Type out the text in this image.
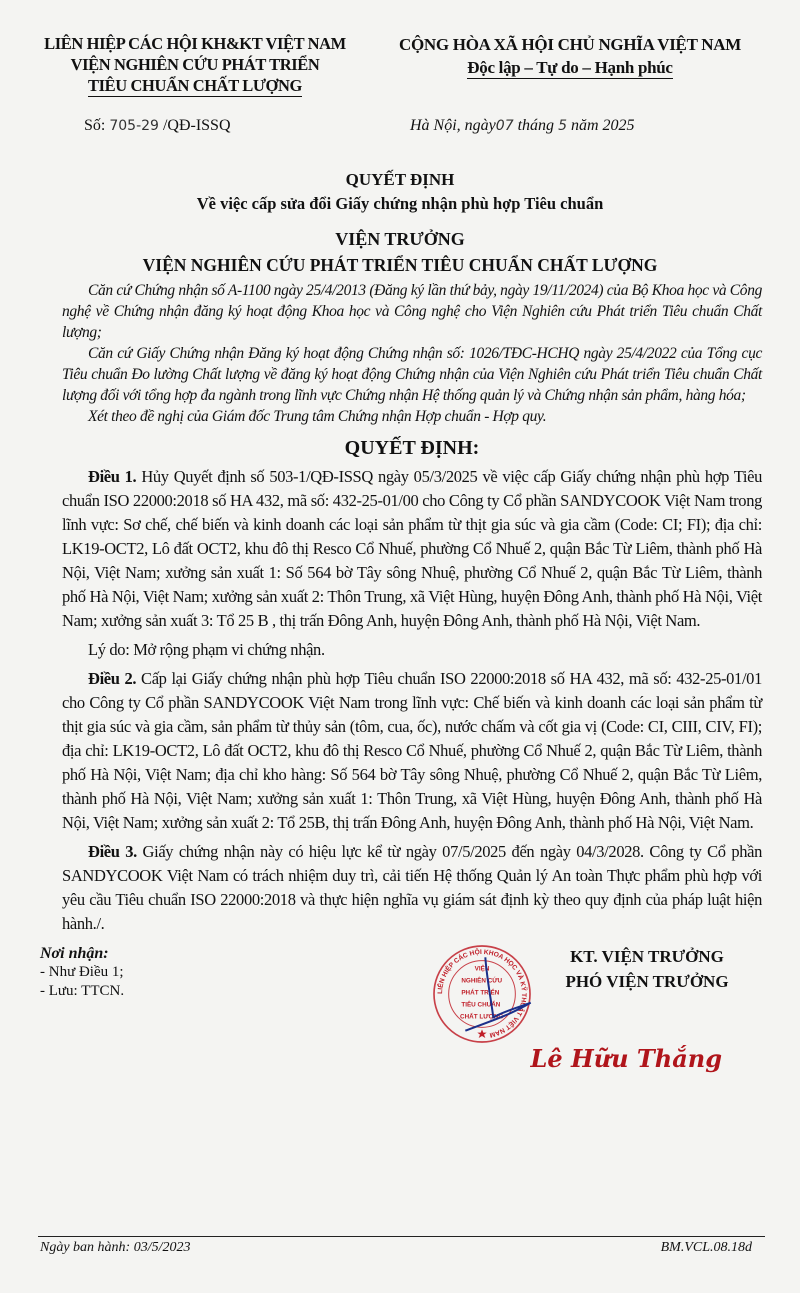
LIÊN HIỆP CÁC HỘI KH&KT VIỆT NAM
VIỆN NGHIÊN CỨU PHÁT TRIỂN
TIÊU CHUẨN CHẤT LƯỢNG
CỘNG HÒA XÃ HỘI CHỦ NGHĨA VIỆT NAM
Độc lập – Tự do – Hạnh phúc
Số: 705-29 /QĐ-ISSQ	Hà Nội, ngày07 tháng 5 năm 2025
QUYẾT ĐỊNH
Về việc cấp sửa đổi Giấy chứng nhận phù hợp Tiêu chuẩn
VIỆN TRƯỞNG
VIỆN NGHIÊN CỨU PHÁT TRIỂN TIÊU CHUẨN CHẤT LƯỢNG

Căn cứ Chứng nhận số A-1100 ngày 25/4/2013 (Đăng ký lần thứ bảy, ngày 19/11/2024) của Bộ Khoa học và Công nghệ về Chứng nhận đăng ký hoạt động Khoa học và Công nghệ cho Viện Nghiên cứu Phát triển Tiêu chuẩn Chất lượng;

Căn cứ Giấy Chứng nhận Đăng ký hoạt động Chứng nhận số: 1026/TĐC-HCHQ ngày 25/4/2022 của Tổng cục Tiêu chuẩn Đo lường Chất lượng về đăng ký hoạt động Chứng nhận của Viện Nghiên cứu Phát triển Tiêu chuẩn Chất lượng đối với tổng hợp đa ngành trong lĩnh vực Chứng nhận Hệ thống quản lý và Chứng nhận sản phẩm, hàng hóa;

Xét theo đề nghị của Giám đốc Trung tâm Chứng nhận Hợp chuẩn - Hợp quy.

QUYẾT ĐỊNH:

Điều 1. Hủy Quyết định số 503-1/QĐ-ISSQ ngày 05/3/2025 về việc cấp Giấy chứng nhận phù hợp Tiêu chuẩn ISO 22000:2018 số HA 432, mã số: 432-25-01/00 cho Công ty Cổ phần SANDYCOOK Việt Nam trong lĩnh vực: Sơ chế, chế biến và kinh doanh các loại sản phẩm từ thịt gia súc và gia cầm (Code: CI; FI); địa chỉ: LK19-OCT2, Lô đất OCT2, khu đô thị Resco Cổ Nhuế, phường Cổ Nhuế 2, quận Bắc Từ Liêm, thành phố Hà Nội, Việt Nam; xưởng sản xuất 1: Số 564 bờ Tây sông Nhuệ, phường Cổ Nhuế 2, quận Bắc Từ Liêm, thành phố Hà Nội, Việt Nam; xưởng sản xuất 2: Thôn Trung, xã Việt Hùng, huyện Đông Anh, thành phố Hà Nội, Việt Nam; xưởng sản xuất 3: Tổ 25 B , thị trấn Đông Anh, huyện Đông Anh, thành phố Hà Nội, Việt Nam.

Lý do: Mở rộng phạm vi chứng nhận.

Điều 2. Cấp lại Giấy chứng nhận phù hợp Tiêu chuẩn ISO 22000:2018 số HA 432, mã số: 432-25-01/01 cho Công ty Cổ phần SANDYCOOK Việt Nam trong lĩnh vực: Chế biến và kinh doanh các loại sản phẩm từ thịt gia súc và gia cầm, sản phẩm từ thủy sản (tôm, cua, ốc), nước chấm và cốt gia vị (Code: CI, CIII, CIV, FI); địa chỉ: LK19-OCT2, Lô đất OCT2, khu đô thị Resco Cổ Nhuế, phường Cổ Nhuế 2, quận Bắc Từ Liêm, thành phố Hà Nội, Việt Nam; địa chỉ kho hàng: Số 564 bờ Tây sông Nhuệ, phường Cổ Nhuế 2, quận Bắc Từ Liêm, thành phố Hà Nội, Việt Nam; xưởng sản xuất 1: Thôn Trung, xã Việt Hùng, huyện Đông Anh, thành phố Hà Nội, Việt Nam; xưởng sản xuất 2: Tổ 25B, thị trấn Đông Anh, huyện Đông Anh, thành phố Hà Nội, Việt Nam.

Điều 3. Giấy chứng nhận này có hiệu lực kể từ ngày 07/5/2025 đến ngày 04/3/2028. Công ty Cổ phần SANDYCOOK Việt Nam có trách nhiệm duy trì, cải tiến Hệ thống Quản lý An toàn Thực phẩm phù hợp với yêu cầu Tiêu chuẩn ISO 22000:2018 và thực hiện nghĩa vụ giám sát định kỳ theo quy định của pháp luật hiện hành./.

Nơi nhận:
- Như Điều 1;
- Lưu: TTCN.	LIÊN HIỆP CÁC HỘI KHOA HỌC VÀ KỸ THUẬT VIỆT NAM
VIỆN
NGHIÊN CỨU
PHÁT TRIỂN
TIÊU CHUẨN
CHẤT LƯỢNG
KT. VIỆN TRƯỞNG
PHÓ VIỆN TRƯỞNG
Lê Hữu Thắng
Ngày ban hành: 03/5/2023	BM.VCL.08.18d
